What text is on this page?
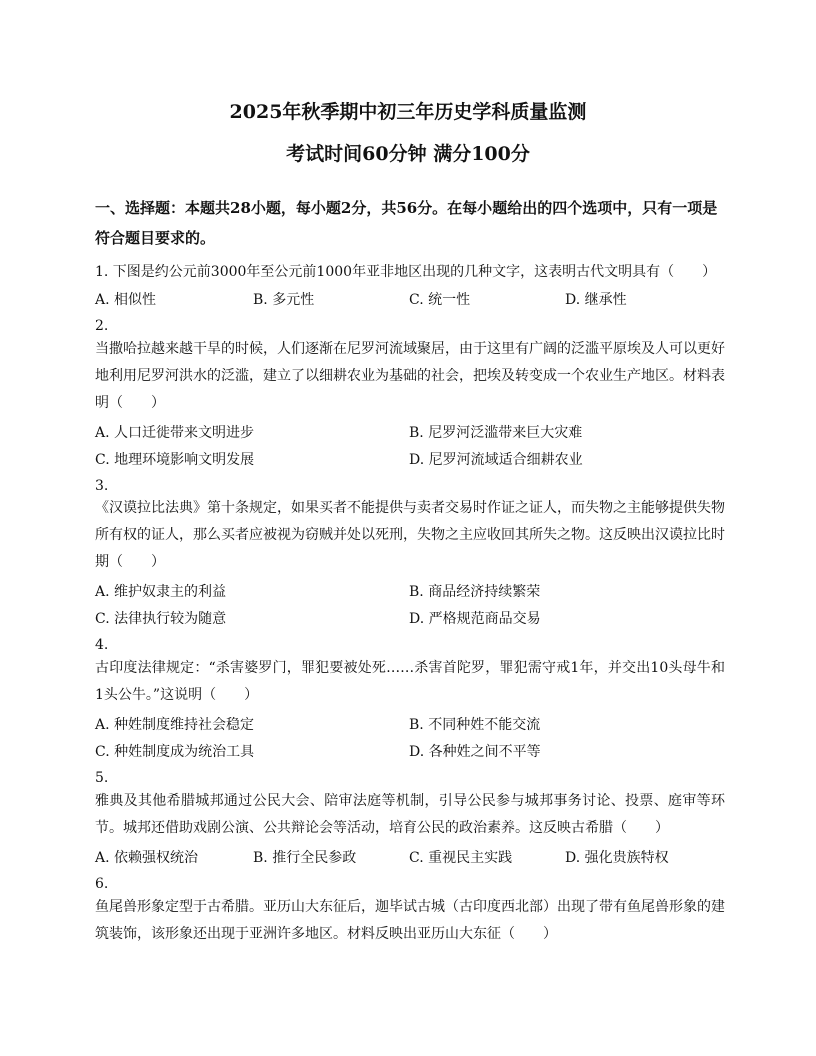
2025年秋季期中初三年历史学科质量监测
考试时间60分钟 满分100分
一、选择题：本题共28小题，每小题2分，共56分。在每小题给出的四个选项中，只有一项是符合题目要求的。
1. 下图是约公元前3000年至公元前1000年亚非地区出现的几种文字，这表明古代文明具有（　　）
A. 相似性	B. 多元性	C. 统一性	D. 继承性
2.
当撒哈拉越来越干旱的时候，人们逐渐在尼罗河流域聚居，由于这里有广阔的泛滥平原埃及人可以更好地利用尼罗河洪水的泛滥，建立了以细耕农业为基础的社会，把埃及转变成一个农业生产地区。材料表明（　　）
A. 人口迁徙带来文明进步	B. 尼罗河泛滥带来巨大灾难
C. 地理环境影响文明发展	D. 尼罗河流域适合细耕农业
3.
《汉谟拉比法典》第十条规定，如果买者不能提供与卖者交易时作证之证人，而失物之主能够提供失物所有权的证人，那么买者应被视为窃贼并处以死刑，失物之主应收回其所失之物。这反映出汉谟拉比时期（　　）
A. 维护奴隶主的利益	B. 商品经济持续繁荣
C. 法律执行较为随意	D. 严格规范商品交易
4.
古印度法律规定：“杀害婆罗门，罪犯要被处死……杀害首陀罗，罪犯需守戒1年，并交出10头母牛和1头公牛。”这说明（　　）
A. 种姓制度维持社会稳定	B. 不同种姓不能交流
C. 种姓制度成为统治工具	D. 各种姓之间不平等
5.
雅典及其他希腊城邦通过公民大会、陪审法庭等机制，引导公民参与城邦事务讨论、投票、庭审等环节。城邦还借助戏剧公演、公共辩论会等活动，培育公民的政治素养。这反映古希腊（　　）
A. 依赖强权统治	B. 推行全民参政	C. 重视民主实践	D. 强化贵族特权
6.
鱼尾兽形象定型于古希腊。亚历山大东征后，迦毕试古城（古印度西北部）出现了带有鱼尾兽形象的建筑装饰，该形象还出现于亚洲许多地区。材料反映出亚历山大东征（　　）
